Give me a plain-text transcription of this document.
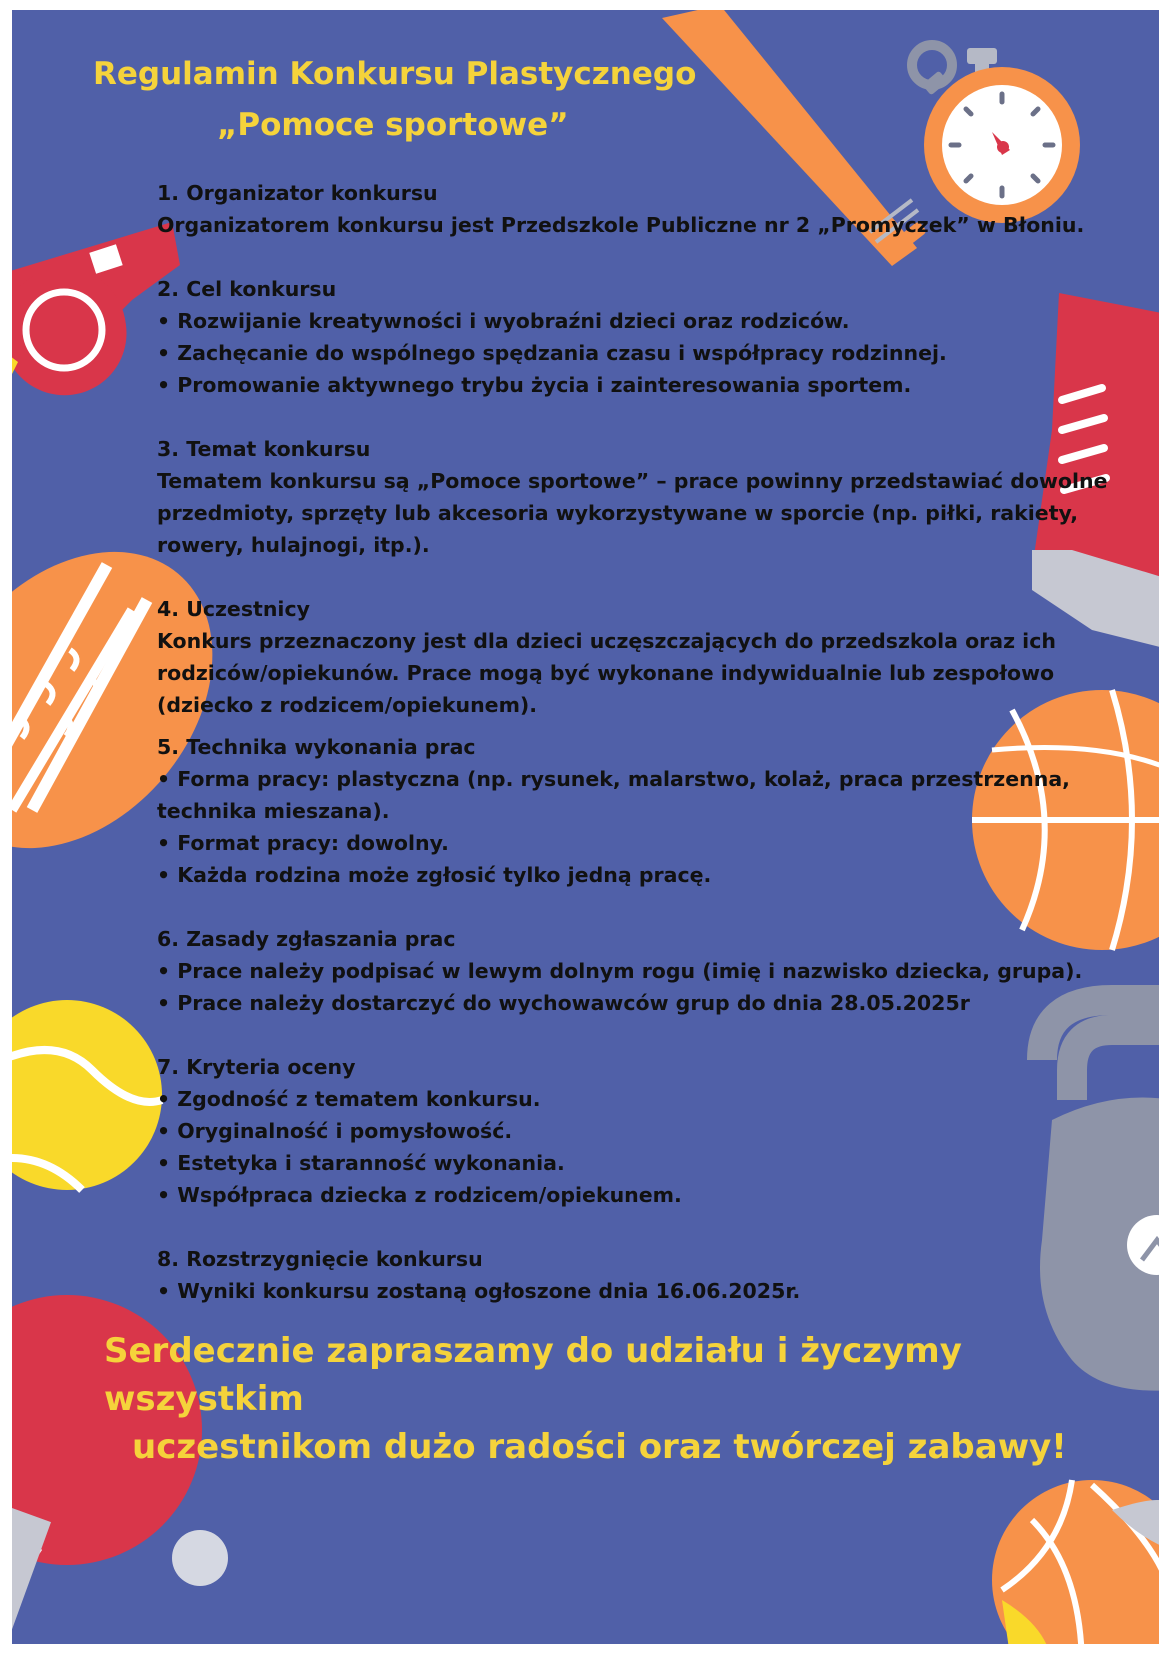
Regulamin Konkursu Plastycznego
„Pomoce sportowe”
1. Organizator konkursu
Organizatorem konkursu jest Przedszkole Publiczne nr 2 „Promyczek” w Błoniu.
2. Cel konkursu
• Rozwijanie kreatywności i wyobraźni dzieci oraz rodziców.
• Zachęcanie do wspólnego spędzania czasu i współpracy rodzinnej.
• Promowanie aktywnego trybu życia i zainteresowania sportem.
3. Temat konkursu
Tematem konkursu są „Pomoce sportowe” – prace powinny przedstawiać dowolne
przedmioty, sprzęty lub akcesoria wykorzystywane w sporcie (np. piłki, rakiety,
rowery, hulajnogi, itp.).
4. Uczestnicy
Konkurs przeznaczony jest dla dzieci uczęszczających do przedszkola oraz ich
rodziców/opiekunów. Prace mogą być wykonane indywidualnie lub zespołowo
(dziecko z rodzicem/opiekunem).
5. Technika wykonania prac
• Forma pracy: plastyczna (np. rysunek, malarstwo, kolaż, praca przestrzenna,
technika mieszana).
• Format pracy: dowolny.
• Każda rodzina może zgłosić tylko jedną pracę.
6. Zasady zgłaszania prac
• Prace należy podpisać w lewym dolnym rogu (imię i nazwisko dziecka, grupa).
• Prace należy dostarczyć do wychowawców grup do dnia 28.05.2025r
7. Kryteria oceny
• Zgodność z tematem konkursu.
• Oryginalność i pomysłowość.
• Estetyka i staranność wykonania.
• Współpraca dziecka z rodzicem/opiekunem.
8. Rozstrzygnięcie konkursu
• Wyniki konkursu zostaną ogłoszone dnia 16.06.2025r.
Serdecznie zapraszamy do udziału i życzymy wszystkim
uczestnikom dużo radości oraz twórczej zabawy!
